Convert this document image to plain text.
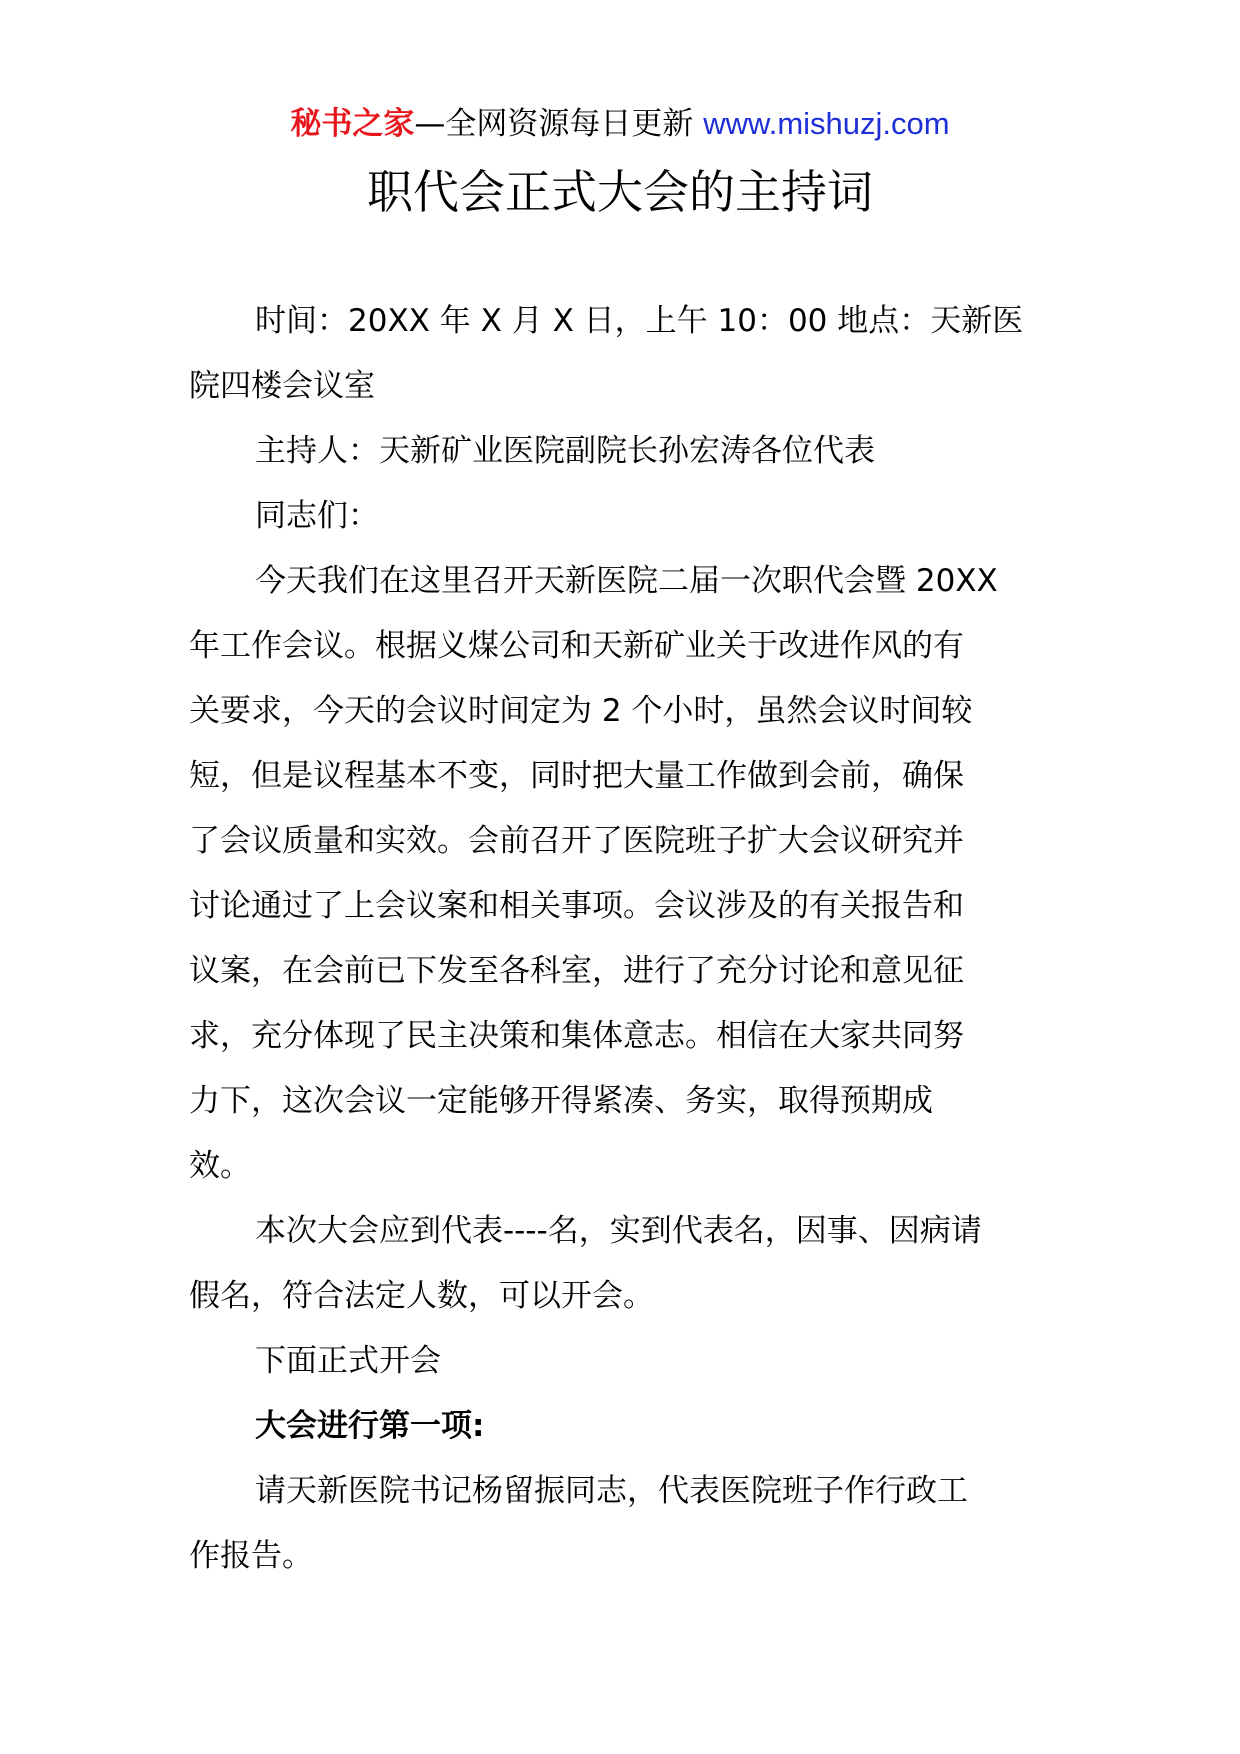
秘书之家—全网资源每日更新 www.mishuzj.com
职代会正式大会的主持词
时间：20XX 年 X 月 X 日，上午 10：00 地点：天新医
院四楼会议室
主持人：天新矿业医院副院长孙宏涛各位代表
同志们：
今天我们在这里召开天新医院二届一次职代会暨 20XX
年工作会议。根据义煤公司和天新矿业关于改进作风的有
关要求，今天的会议时间定为 2 个小时，虽然会议时间较
短，但是议程基本不变，同时把大量工作做到会前，确保
了会议质量和实效。会前召开了医院班子扩大会议研究并
讨论通过了上会议案和相关事项。会议涉及的有关报告和
议案，在会前已下发至各科室，进行了充分讨论和意见征
求，充分体现了民主决策和集体意志。相信在大家共同努
力下，这次会议一定能够开得紧凑、务实，取得预期成
效。
本次大会应到代表----名，实到代表名，因事、因病请
假名，符合法定人数，可以开会。
下面正式开会
大会进行第一项:
请天新医院书记杨留振同志，代表医院班子作行政工
作报告。
